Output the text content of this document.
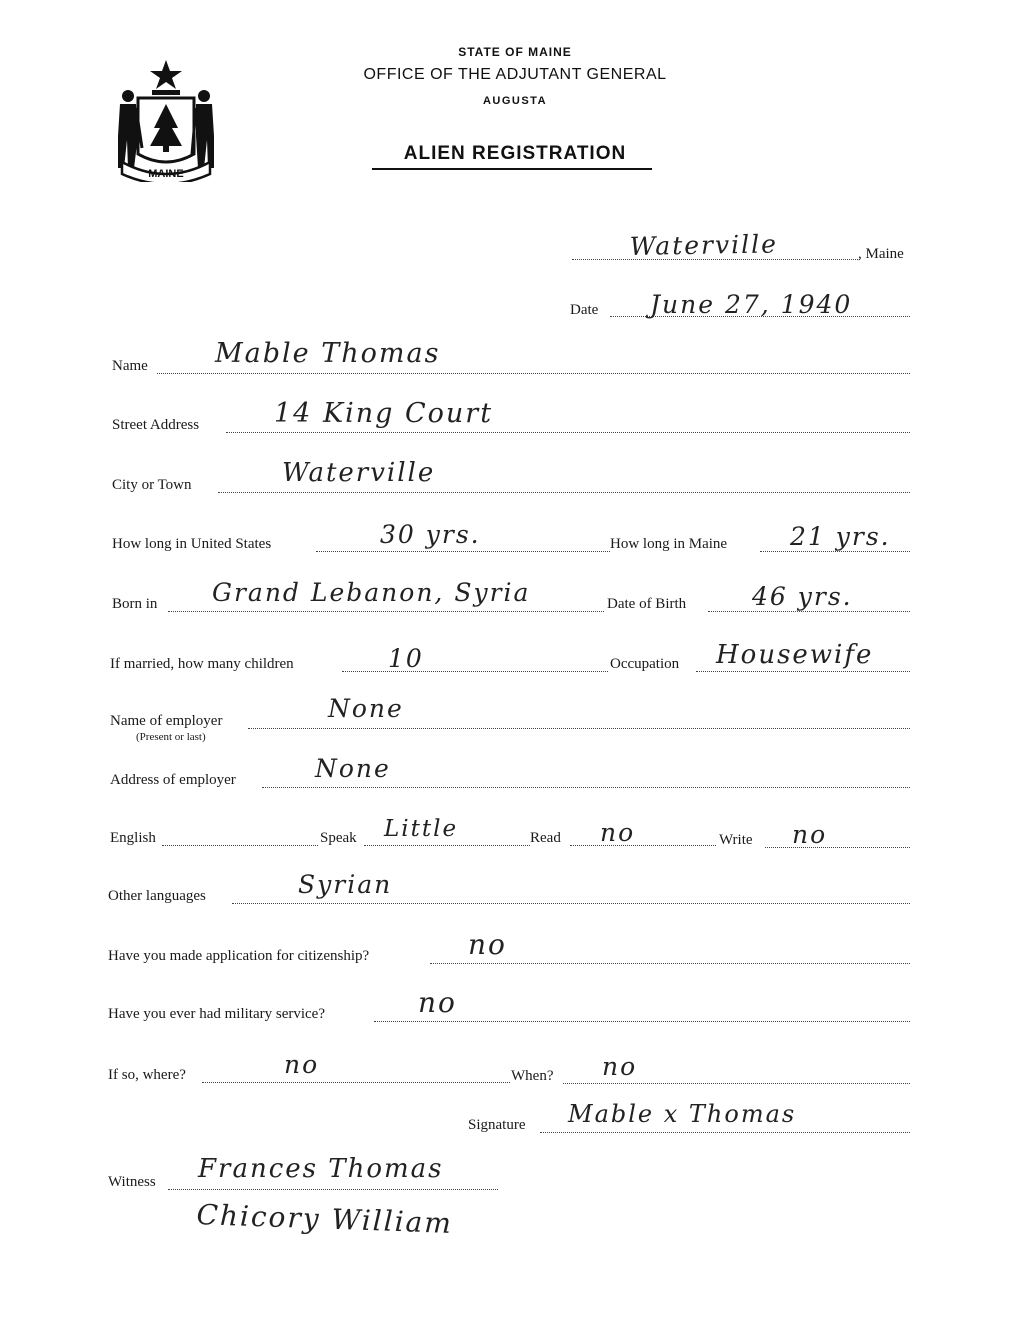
MAINE
STATE OF MAINE
OFFICE OF THE ADJUTANT GENERAL
AUGUSTA
ALIEN REGISTRATION
Waterville	, Maine
Date June 27, 1940
Name Mable Thomas
Street Address	14 King Court
City or Town	Waterville
How long in United States	30 yrs.	How long in Maine	21 yrs.
Born in Grand Lebanon, Syria	Date of Birth	46 yrs.
If married, how many children	10	Occupation Housewife
Name of employer
(Present or last)
None
Address of employer	None
English	Speak Little	Read no	Write no
Other languages	Syrian
Have you made application for citizenship?	no
Have you ever had military service?	no
If so, where?	no	When? no
Signature Mable x Thomas
Witness Frances Thomas
Chicory William
